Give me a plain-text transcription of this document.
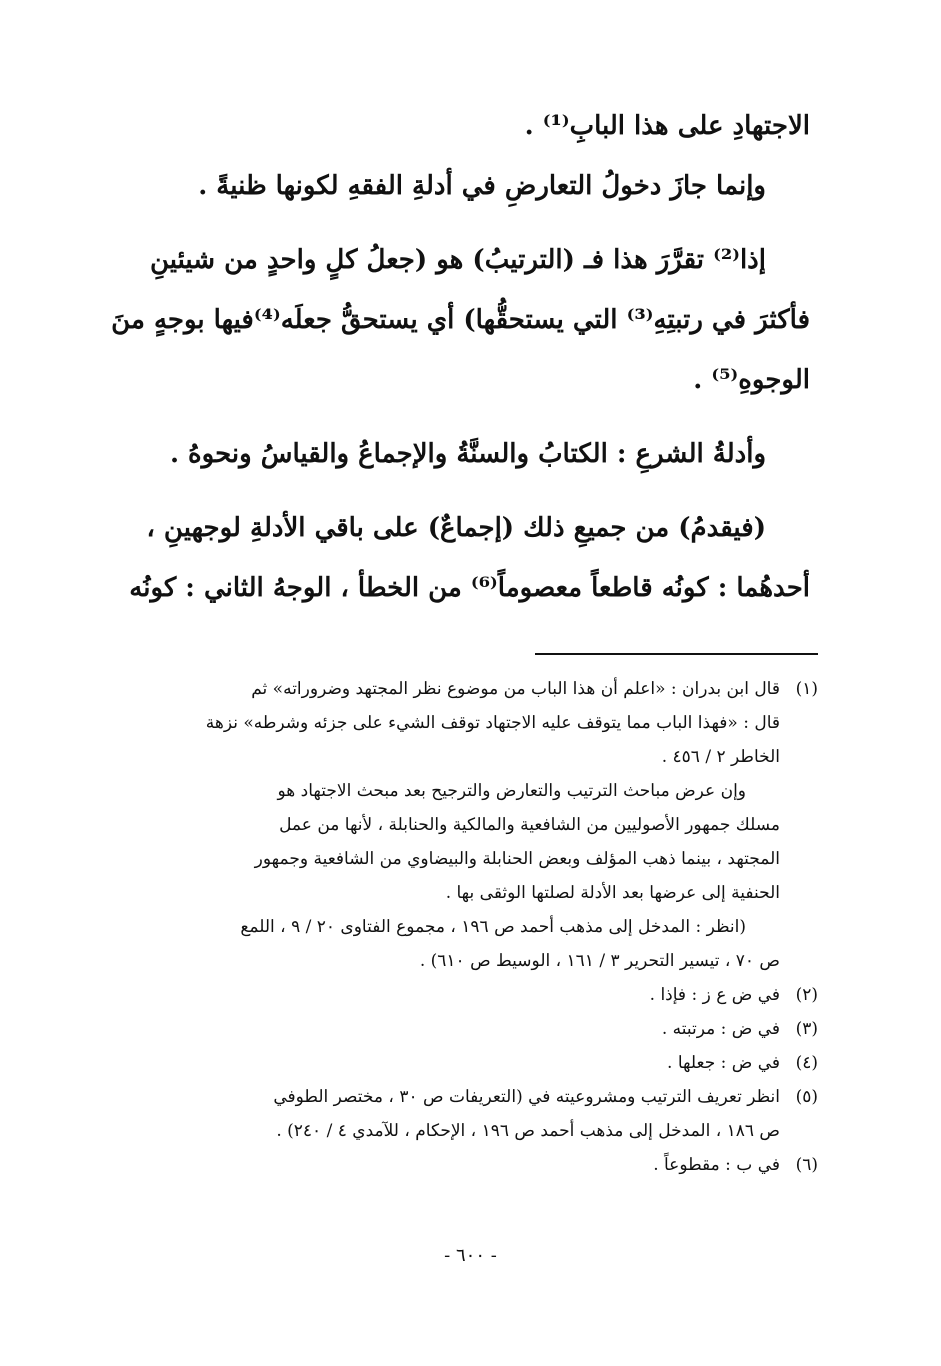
الاجتهادِ على هذا البابِ⁽¹⁾ .

وإنما جازَ دخولُ التعارضِ في أدلةِ الفقهِ لكونها ظنيةً .

إذا⁽²⁾ تقرَّرَ هذا فـ (الترتيبُ) هو (جعلُ كلٍ واحدٍ من شيئينِ

فأكثرَ في رتبتِهِ⁽³⁾ التي يستحقُّها) أي يستحقُّ جعلَه⁽⁴⁾فيها بوجهٍ منَ

الوجوهِ⁽⁵⁾ .

وأدلةُ الشرعِ : الكتابُ والسنَّةُ والإجماعُ والقياسُ ونحوهُ .

(فيقدمُ) من جميعِ ذلك (إجماعٌ) على باقي الأدلةِ لوجهينِ ،

أحدهُما : كونُه قاطعاً معصوماً⁽⁶⁾ من الخطأ ، الوجهُ الثاني : كونُه

(١)
قال ابن بدران : «اعلم أن هذا الباب من موضوع نظر المجتهد وضروراته» ثم
قال : «فهذا الباب مما يتوقف عليه الاجتهاد توقف الشيء على جزئه وشرطه» نزهة
الخاطر ٢ / ٤٥٦ .
وإن عرض مباحث الترتيب والتعارض والترجيح بعد مبحث الاجتهاد هو
مسلك جمهور الأصوليين من الشافعية والمالكية والحنابلة ، لأنها من عمل
المجتهد ، بينما ذهب المؤلف وبعض الحنابلة والبيضاوي من الشافعية وجمهور
الحنفية إلى عرضها بعد الأدلة لصلتها الوثقى بها .
(انظر : المدخل إلى مذهب أحمد ص ١٩٦ ، مجموع الفتاوى ٢٠ / ٩ ، اللمع
ص ٧٠ ، تيسير التحرير ٣ / ١٦١ ، الوسيط ص ٦١٠) .
(٢)
في ض ع ز : فإذا .
(٣)
في ض : مرتبته .
(٤)
في ض : جعلها .
(٥)
انظر تعريف الترتيب ومشروعيته في (التعريفات ص ٣٠ ، مختصر الطوفي
ص ١٨٦ ، المدخل إلى مذهب أحمد ص ١٩٦ ، الإحكام ، للآمدي ٤ / ٢٤٠) .
(٦)
في ب : مقطوعاً .
- ٦٠٠ -
